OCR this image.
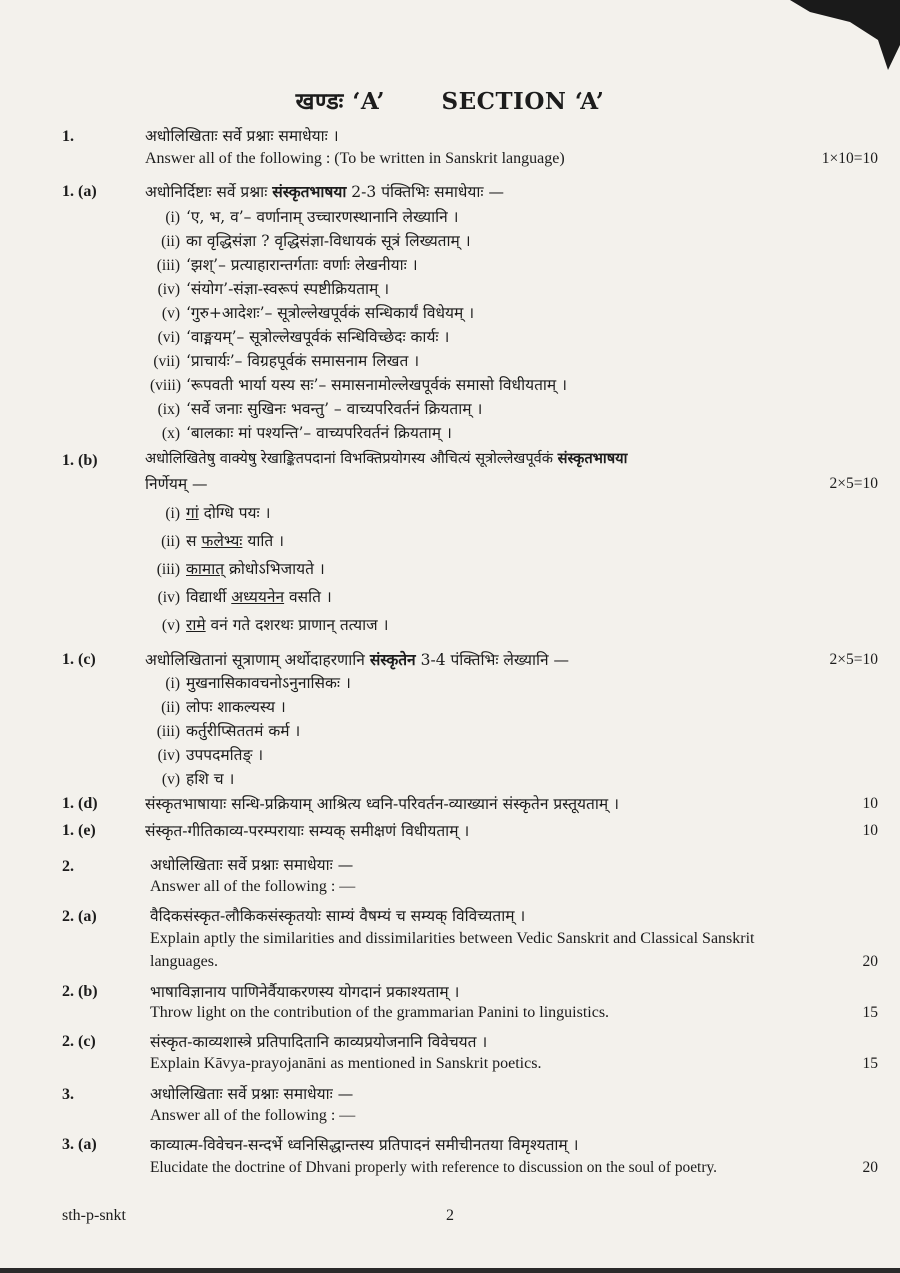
खण्डः ‘A’ SECTION ‘A’
1.	अधोलिखिताः सर्वे प्रश्नाः समाधेयाः ।
Answer all of the following : (To be written in Sanskrit language)	1×10=10
1. (a)	अधोनिर्दिष्टाः सर्वे प्रश्नाः संस्कृतभाषया 2-3 पंक्तिभिः समाधेयाः —
(i) ‘ए, भ, व’– वर्णानाम् उच्चारणस्थानानि लेख्यानि ।
(ii) का वृद्धिसंज्ञा ? वृद्धिसंज्ञा-विधायकं सूत्रं लिख्यताम् ।
(iii) ‘झश्’– प्रत्याहारान्तर्गताः वर्णाः लेखनीयाः ।
(iv) ‘संयोग’-संज्ञा-स्वरूपं स्पष्टीक्रियताम् ।
(v) ‘गुरु+आदेशः’– सूत्रोल्लेखपूर्वकं सन्धिकार्यं विधेयम् ।
(vi) ‘वाङ्मयम्’– सूत्रोल्लेखपूर्वकं सन्धिविच्छेदः कार्यः ।
(vii) ‘प्राचार्यः’– विग्रहपूर्वकं समासनाम लिखत ।
(viii) ‘रूपवती भार्या यस्य सः’– समासनामोल्लेखपूर्वकं समासो विधीयताम् ।
(ix) ‘सर्वे जनाः सुखिनः भवन्तु’ – वाच्यपरिवर्तनं क्रियताम् ।
(x) ‘बालकाः मां पश्यन्ति’– वाच्यपरिवर्तनं क्रियताम् ।
1. (b)	अधोलिखितेषु वाक्येषु रेखाङ्कितपदानां विभक्तिप्रयोगस्य औचित्यं सूत्रोल्लेखपूर्वकं संस्कृतभाषया
निर्णेयम् —	2×5=10
(i) गां दोग्धि पयः ।
(ii) स फलेभ्यः याति ।
(iii) कामात् क्रोधोऽभिजायते ।
(iv) विद्यार्थी अध्ययनेन वसति ।
(v) रामे वनं गते दशरथः प्राणान् तत्याज ।
1. (c)	अधोलिखितानां सूत्राणाम् अर्थोदाहरणानि संस्कृतेन 3-4 पंक्तिभिः लेख्यानि —	2×5=10
(i) मुखनासिकावचनोऽनुनासिकः ।
(ii) लोपः शाकल्यस्य ।
(iii) कर्तुरीप्सिततमं कर्म ।
(iv) उपपदमतिङ् ।
(v) हशि च ।
1. (d)	संस्कृतभाषायाः सन्धि-प्रक्रियाम् आश्रित्य ध्वनि-परिवर्तन-व्याख्यानं संस्कृतेन प्रस्तूयताम् ।	10
1. (e)	संस्कृत-गीतिकाव्य-परम्परायाः सम्यक् समीक्षणं विधीयताम् ।	10
2.	अधोलिखिताः सर्वे प्रश्नाः समाधेयाः —
Answer all of the following : —
2. (a)	वैदिकसंस्कृत-लौकिकसंस्कृतयोः साम्यं वैषम्यं च सम्यक् विविच्यताम् ।
Explain aptly the similarities and dissimilarities between Vedic Sanskrit and Classical Sanskrit
languages.	20
2. (b)	भाषाविज्ञानाय पाणिनेर्वैयाकरणस्य योगदानं प्रकाश्यताम् ।
Throw light on the contribution of the grammarian Panini to linguistics.	15
2. (c)	संस्कृत-काव्यशास्त्रे प्रतिपादितानि काव्यप्रयोजनानि विवेचयत ।
Explain Kāvya-prayojanāni as mentioned in Sanskrit poetics.	15
3.	अधोलिखिताः सर्वे प्रश्नाः समाधेयाः —
Answer all of the following : —
3. (a)	काव्यात्म-विवेचन-सन्दर्भे ध्वनिसिद्धान्तस्य प्रतिपादनं समीचीनतया विमृश्यताम् ।
Elucidate the doctrine of Dhvani properly with reference to discussion on the soul of poetry.	20
2
sth-p-snkt
